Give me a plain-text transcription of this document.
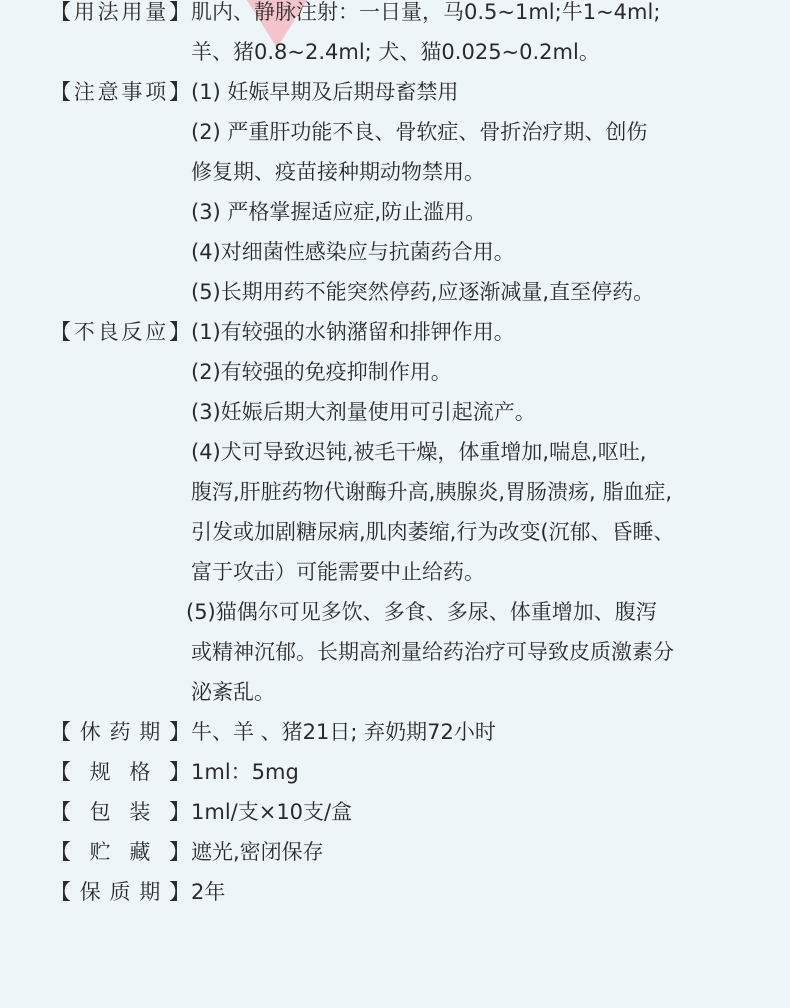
【 用 法 用 量 】 肌内、静脉注射：一日量，马0.5~1ml;牛1~4ml;
羊、猪0.8~2.4ml; 犬、猫0.025~0.2ml。
【 注 意 事 项 】 (1) 妊娠早期及后期母畜禁用
(2) 严重肝功能不良、骨软症、骨折治疗期、创伤
修复期、疫苗接种期动物禁用。
(3) 严格掌握适应症,防止滥用。
(4)对细菌性感染应与抗菌药合用。
(5)长期用药不能突然停药,应逐渐减量,直至停药。
【 不 良 反 应 】 (1)有较强的水钠潴留和排钾作用。
(2)有较强的免疫抑制作用。
(3)妊娠后期大剂量使用可引起流产。
(4)犬可导致迟钝,被毛干燥，体重增加,喘息,呕吐,
腹泻,肝脏药物代谢酶升高,胰腺炎,胃肠溃疡, 脂血症,
引发或加剧糖尿病,肌肉萎缩,行为改变(沉郁、昏睡、
富于攻击）可能需要中止给药。
(5)猫偶尔可见多饮、多食、多尿、体重增加、腹泻
或精神沉郁。长期高剂量给药治疗可导致皮质激素分
泌紊乱。
【 休 药 期 】 牛、羊 、猪21日; 弃奶期72小时
【 规 格 】 1ml：5mg
【 包 装 】 1ml/支×10支/盒
【 贮 藏 】 遮光,密闭保存
【 保 质 期 】 2年
